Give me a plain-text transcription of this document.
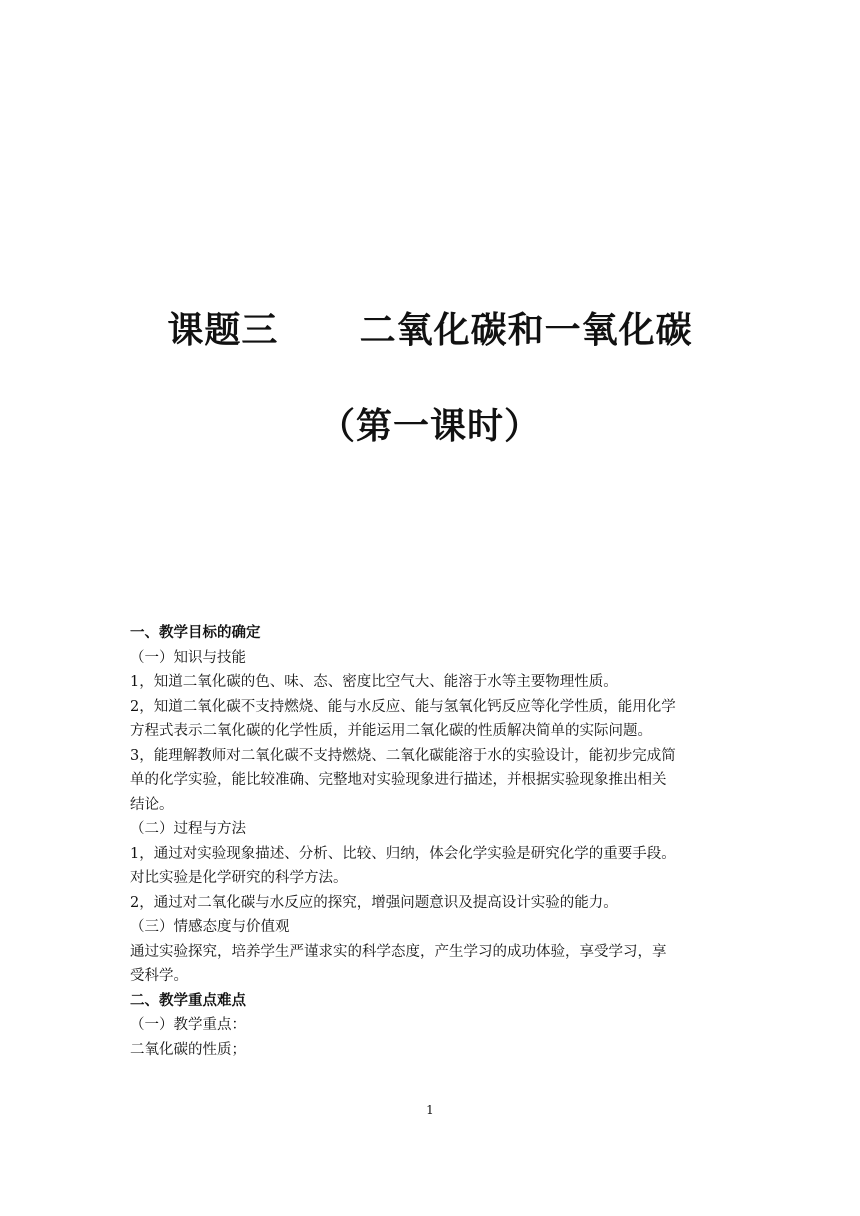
课题三      二氧化碳和一氧化碳
（第一课时）
一、教学目标的确定
（一）知识与技能
1，知道二氧化碳的色、味、态、密度比空气大、能溶于水等主要物理性质。
2，知道二氧化碳不支持燃烧、能与水反应、能与氢氧化钙反应等化学性质，能用化学
方程式表示二氧化碳的化学性质，并能运用二氧化碳的性质解决简单的实际问题。
3，能理解教师对二氧化碳不支持燃烧、二氧化碳能溶于水的实验设计，能初步完成简
单的化学实验，能比较准确、完整地对实验现象进行描述，并根据实验现象推出相关
结论。
（二）过程与方法
1，通过对实验现象描述、分析、比较、归纳，体会化学实验是研究化学的重要手段。
对比实验是化学研究的科学方法。
2，通过对二氧化碳与水反应的探究，增强问题意识及提高设计实验的能力。
（三）情感态度与价值观
通过实验探究，培养学生严谨求实的科学态度，产生学习的成功体验，享受学习，享
受科学。
二、教学重点难点
（一）教学重点：
二氧化碳的性质；
1
